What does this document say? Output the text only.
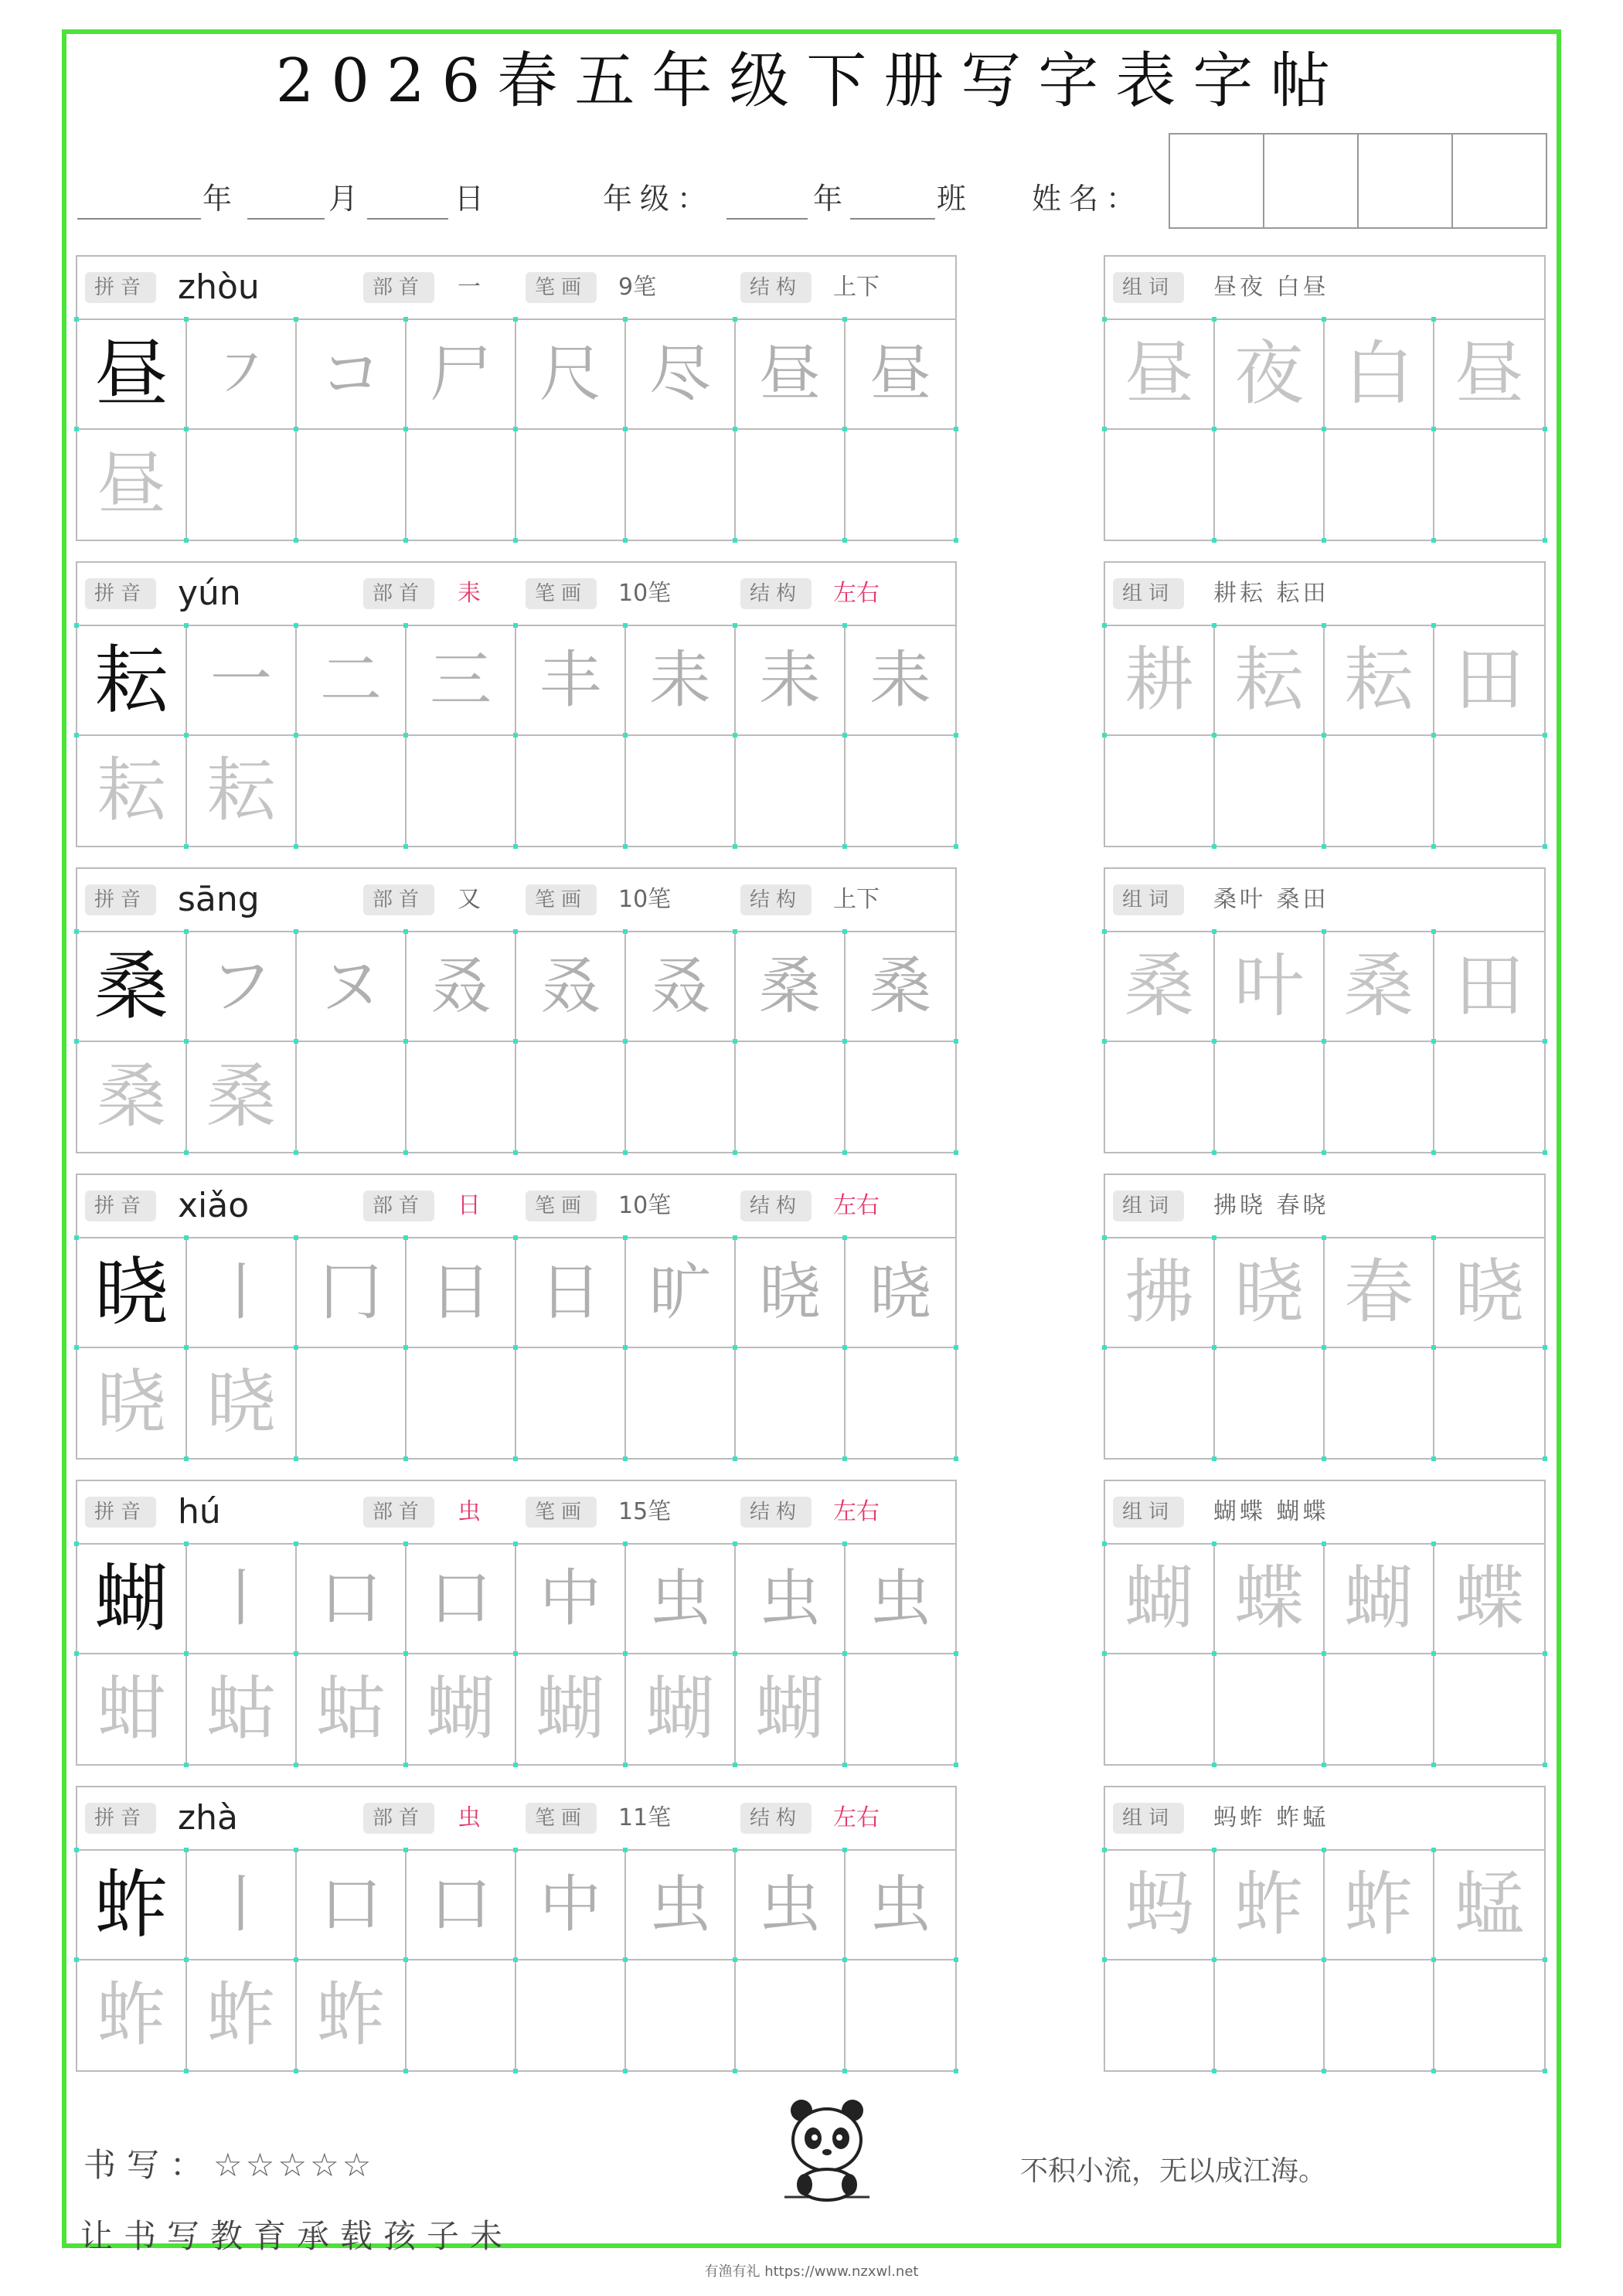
2026春五年级下册写字表字帖
年	月	日	年级：	年	班 姓名：
拼音 zhòu	部首	一	笔画	9笔	结构	上下
昼 ㇇ コ 尸 尺 尽 昼 昼
昼
组词	昼夜 白昼
昼 夜 白 昼
拼音 yún	部首	耒	笔画	10笔	结构	左右
耘 一 二 三 丰 耒 耒 耒
耘 耘
组词	耕耘 耘田
耕 耘 耘 田
拼音 sāng	部首	又	笔画	10笔	结构	上下
桑 フ ヌ 叒 叒 叒 桑 桑
桑 桑
组词	桑叶 桑田
桑 叶 桑 田
拼音 xiǎo	部首	日	笔画	10笔	结构	左右
晓 丨 冂 日 日 旷 晓 晓
晓 晓
组词	拂晓 春晓
拂 晓 春 晓
拼音 hú	部首	虫	笔画	15笔	结构	左右
蝴 丨 口 口 中 虫 虫 虫
蚶 蛄 蛄 蝴 蝴 蝴 蝴
组词	蝴蝶 蝴蝶
蝴 蝶 蝴 蝶
拼音 zhà	部首	虫	笔画	11笔	结构	左右
蚱 丨 口 口 中 虫 虫 虫
蚱 蚱 蚱
组词	蚂蚱 蚱蜢
蚂 蚱 蚱 蜢
书写：☆☆☆☆☆
让书写教育承载孩子未
不积小流，无以成江海。
有渔有礼 https://www.nzxwl.net
